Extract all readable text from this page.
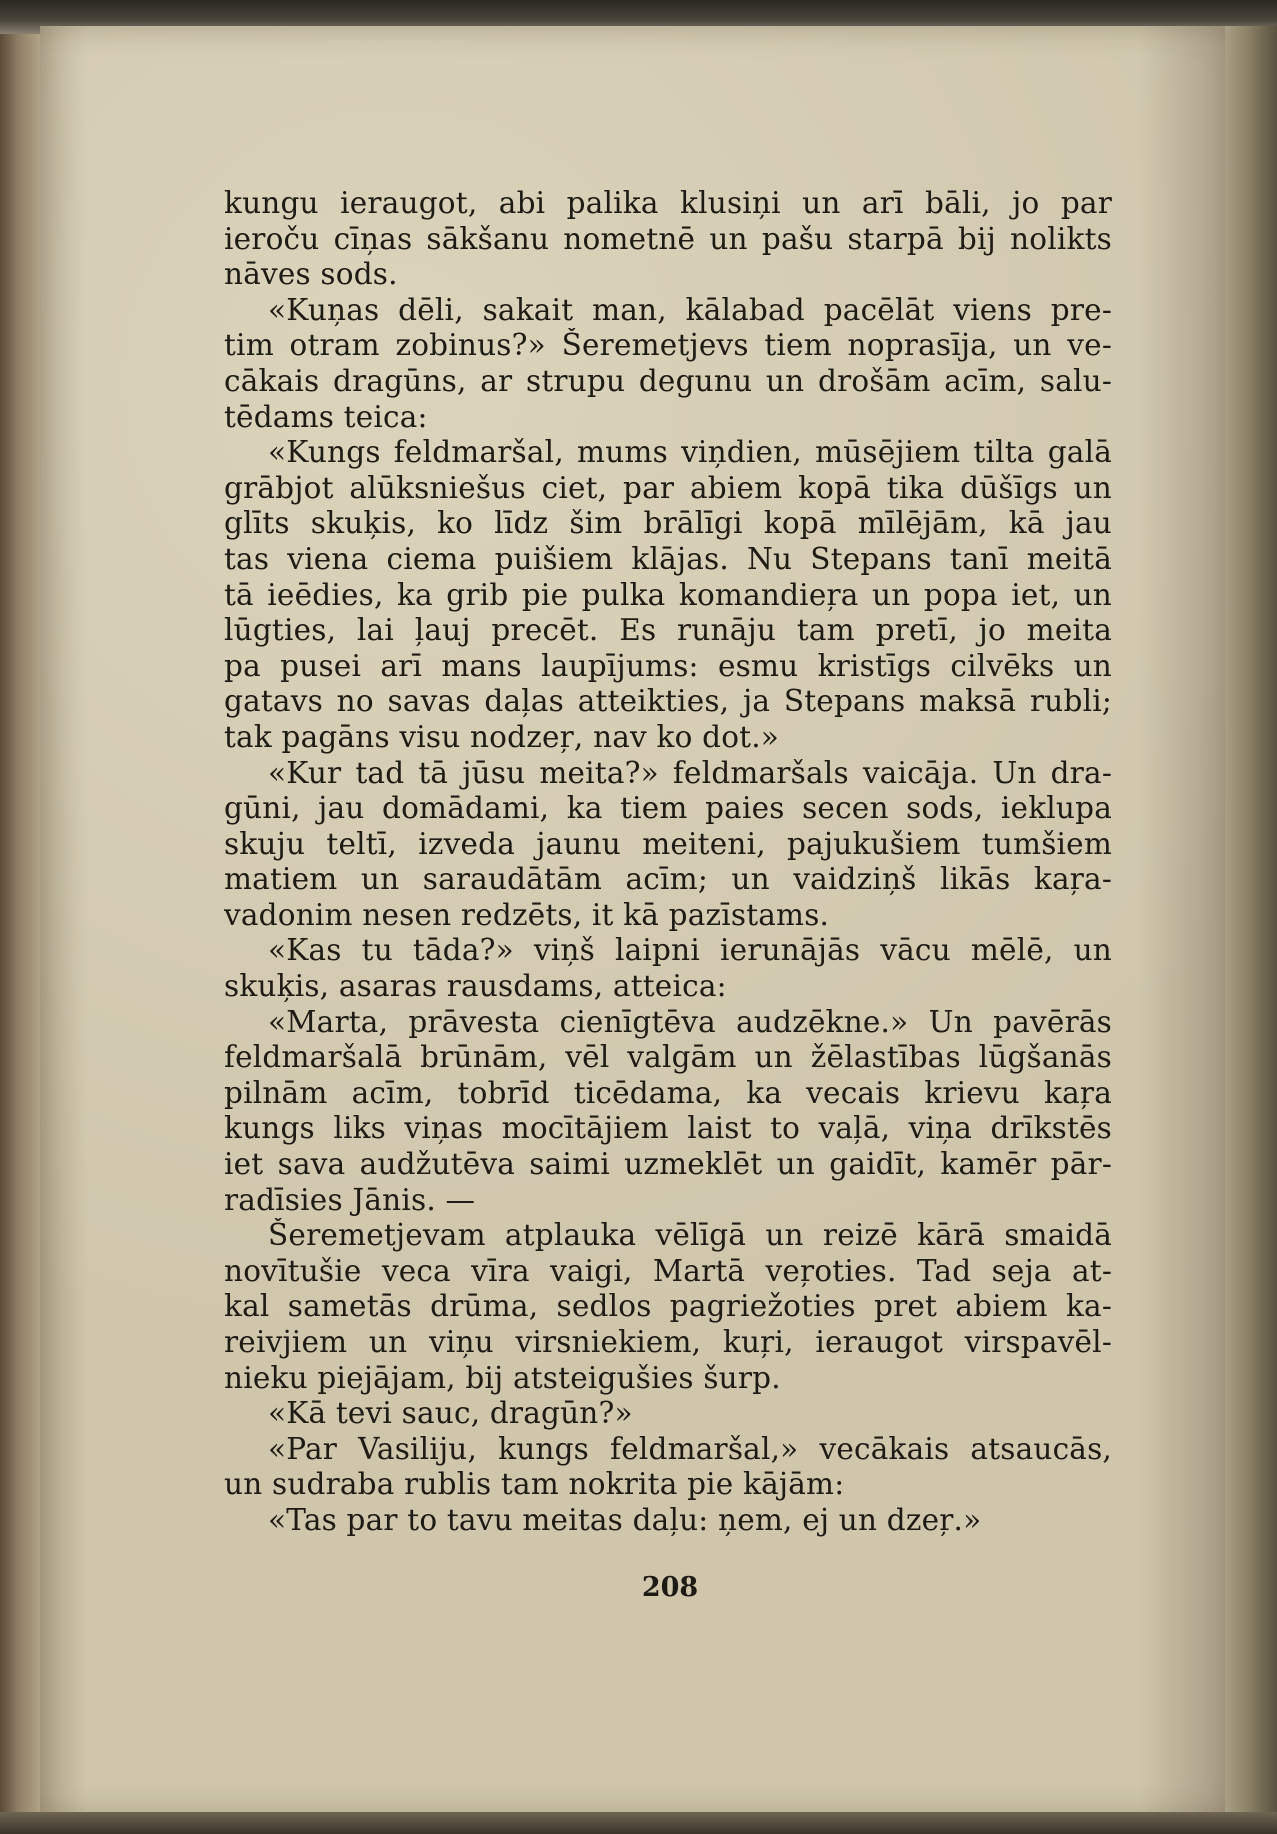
kungu ieraugot, abi palika klusiņi un arī bāli, jo par
ieroču cīņas sākšanu nometnē un pašu starpā bij nolikts
nāves sods.
«Kuņas dēli, sakait man, kālabad pacēlāt viens pre-
tim otram zobinus?» Šeremetjevs tiem noprasīja, un ve-
cākais dragūns, ar strupu degunu un drošām acīm, salu-
tēdams teica:
«Kungs feldmaršal, mums viņdien, mūsējiem tilta galā
grābjot alūksniešus ciet, par abiem kopā tika dūšīgs un
glīts skuķis, ko līdz šim brālīgi kopā mīlējām, kā jau
tas viena ciema puišiem klājas. Nu Stepans tanī meitā
tā ieēdies, ka grib pie pulka komandieŗa un popa iet, un
lūgties, lai ļauj precēt. Es runāju tam pretī, jo meita
pa pusei arī mans laupījums: esmu kristīgs cilvēks un
gatavs no savas daļas atteikties, ja Stepans maksā rubli;
tak pagāns visu nodzeŗ, nav ko dot.»
«Kur tad tā jūsu meita?» feldmaršals vaicāja. Un dra-
gūni, jau domādami, ka tiem paies secen sods, ieklupa
skuju teltī, izveda jaunu meiteni, pajukušiem tumšiem
matiem un saraudātām acīm; un vaidziņš likās kaŗa-
vadonim nesen redzēts, it kā pazīstams.
«Kas tu tāda?» viņš laipni ierunājās vācu mēlē, un
skuķis, asaras rausdams, atteica:
«Marta, prāvesta cienīgtēva audzēkne.» Un pavērās
feldmaršalā brūnām, vēl valgām un žēlastības lūgšanās
pilnām acīm, tobrīd ticēdama, ka vecais krievu kaŗa
kungs liks viņas mocītājiem laist to vaļā, viņa drīkstēs
iet sava audžutēva saimi uzmeklēt un gaidīt, kamēr pār-
radīsies Jānis. —
Šeremetjevam atplauka vēlīgā un reizē kārā smaidā
novītušie veca vīra vaigi, Martā veŗoties. Tad seja at-
kal sametās drūma, sedlos pagriežoties pret abiem ka-
reivjiem un viņu virsniekiem, kuŗi, ieraugot virspavēl-
nieku piejājam, bij atsteigušies šurp.
«Kā tevi sauc, dragūn?»
«Par Vasiliju, kungs feldmaršal,» vecākais atsaucās,
un sudraba rublis tam nokrita pie kājām:
«Tas par to tavu meitas daļu: ņem, ej un dzeŗ.»
208
